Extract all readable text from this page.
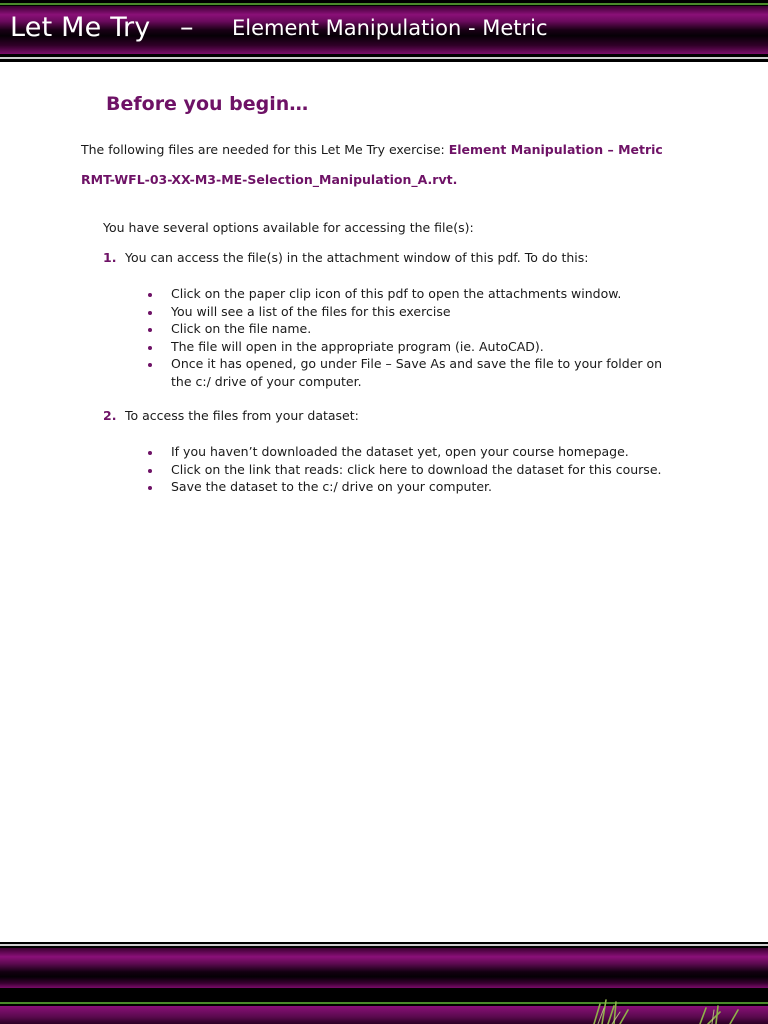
Let Me Try – Element Manipulation - Metric
Before you begin…
The following files are needed for this Let Me Try exercise: Element Manipulation – Metric
RMT-WFL-03-XX-M3-ME-Selection_Manipulation_A.rvt.
You have several options available for accessing the file(s):
1. You can access the file(s) in the attachment window of this pdf. To do this:
Click on the paper clip icon of this pdf to open the attachments window.
You will see a list of the files for this exercise
Click on the file name.
The file will open in the appropriate program (ie. AutoCAD).
Once it has opened, go under File – Save As and save the file to your folder on the c:/ drive of your computer.
2. To access the files from your dataset:
If you haven’t downloaded the dataset yet, open your course homepage.
Click on the link that reads: click here to download the dataset for this course.
Save the dataset to the c:/ drive on your computer.
